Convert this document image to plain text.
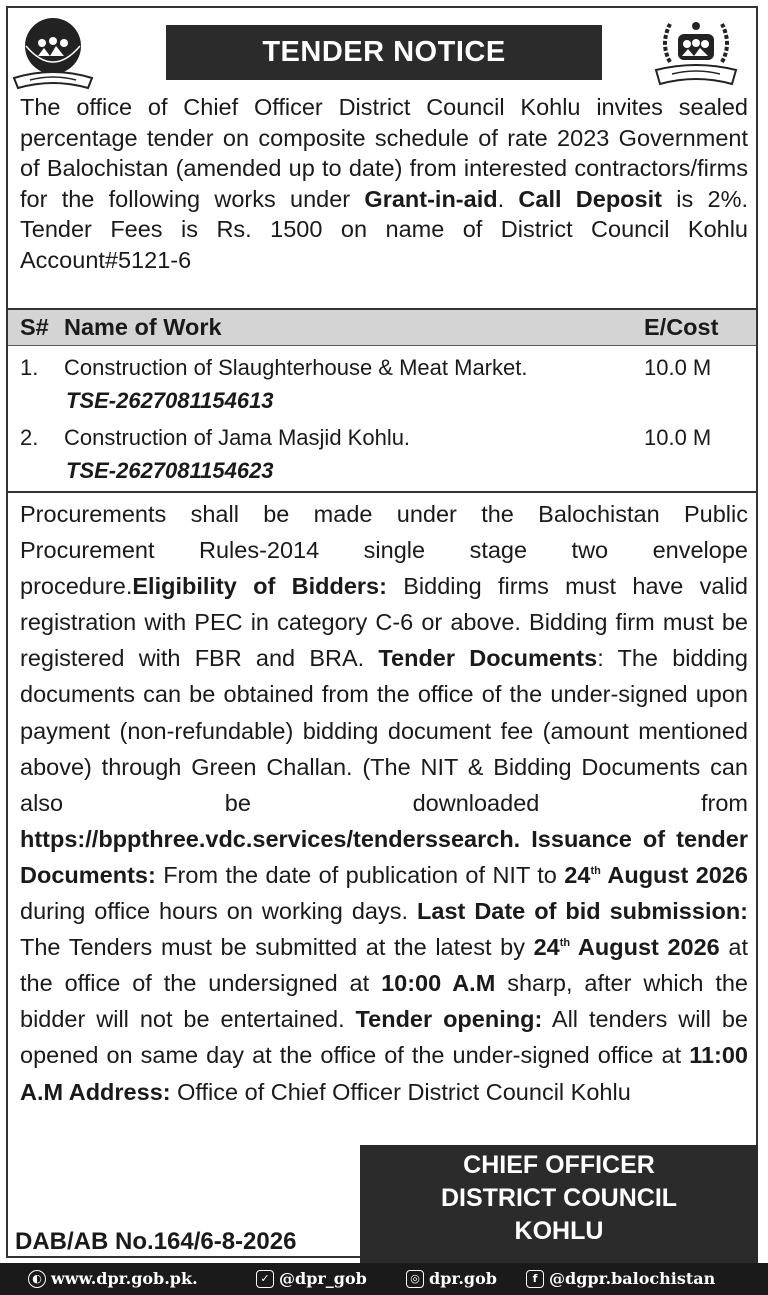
TENDER NOTICE
The office of Chief Officer District Council Kohlu invites sealed percentage tender on composite schedule of rate 2023 Government of Balochistan (amended up to date) from interested contractors/firms for the following works under Grant-in-aid. Call Deposit is 2%. Tender Fees is Rs. 1500 on name of District Council Kohlu Account#5121-6
S# Name of Work	E/Cost
1. Construction of Slaughterhouse & Meat Market.	10.0 M
TSE-2627081154613
2. Construction of Jama Masjid Kohlu.	10.0 M
TSE-2627081154623
Procurements shall be made under the Balochistan Public Procurement Rules-2014 single stage two envelope procedure.Eligibility of Bidders: Bidding firms must have valid registration with PEC in category C-6 or above. Bidding firm must be registered with FBR and BRA. Tender Documents: The bidding documents can be obtained from the office of the under-signed upon payment (non-refundable) bidding document fee (amount mentioned above) through Green Challan. (The NIT & Bidding Documents can also be downloaded from https://bppthree.vdc.services/tenderssearch. Issuance of tender Documents: From the date of publication of NIT to 24th August 2026 during office hours on working days. Last Date of bid submission: The Tenders must be submitted at the latest by 24th August 2026 at the office of the undersigned at 10:00 A.M sharp, after which the bidder will not be entertained. Tender opening: All tenders will be opened on same day at the office of the under-signed office at 11:00 A.M Address: Office of Chief Officer District Council Kohlu
CHIEF OFFICER
DISTRICT COUNCIL
KOHLU
DAB/AB No.164/6-8-2026
◐ www.dpr.gob.pk.	✓ @dpr_gob	◎ dpr.gob	f @dgpr.balochistan
